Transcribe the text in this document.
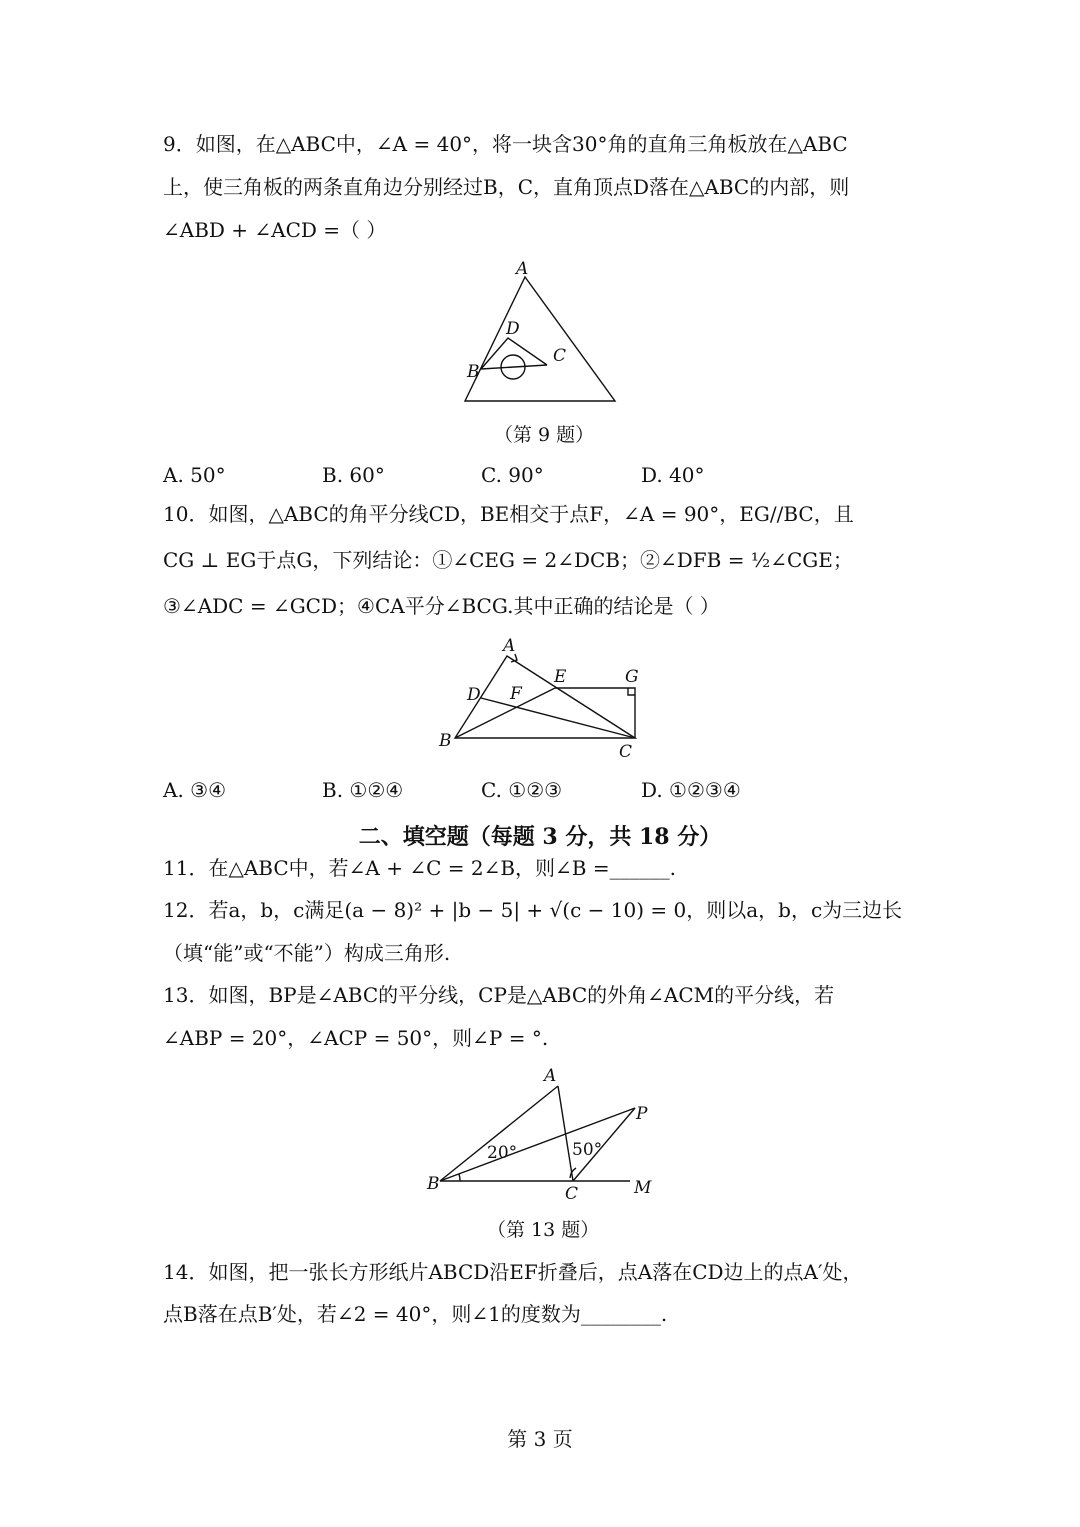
9．如图，在△ABC中，∠A = 40°，将一块含30°角的直角三角板放在△ABC
上，使三角板的两条直角边分别经过B，C，直角顶点D落在△ABC的内部，则
∠ABD + ∠ACD =（ ）
A
D
C
B
（第 9 题）
A. 50°	B. 60°	C. 90°	D. 40°
10．如图，△ABC的角平分线CD，BE相交于点F，∠A = 90°，EG//BC，且
CG ⊥ EG于点G，下列结论：①∠CEG = 2∠DCB；②∠DFB = ½∠CGE；
③∠ADC = ∠GCD；④CA平分∠BCG.其中正确的结论是（ ）
A
D F
E	G
B
C
A. ③④	B. ①②④	C. ①②③	D. ①②③④
二、填空题（每题 3 分，共 18 分）
11．在△ABC中，若∠A + ∠C = 2∠B，则∠B =______.
12．若a，b，c满足(a − 8)² + |b − 5| + √(c − 10) = 0，则以a，b，c为三边长
（填“能”或“不能”）构成三角形.
13．如图，BP是∠ABC的平分线，CP是△ABC的外角∠ACM的平分线，若
∠ABP = 20°，∠ACP = 50°，则∠P = °.
A
P
B	C	M
20°	50°
（第 13 题）
14．如图，把一张长方形纸片ABCD沿EF折叠后，点A落在CD边上的点A′处，
点B落在点B′处，若∠2 = 40°，则∠1的度数为________.
第 3 页
